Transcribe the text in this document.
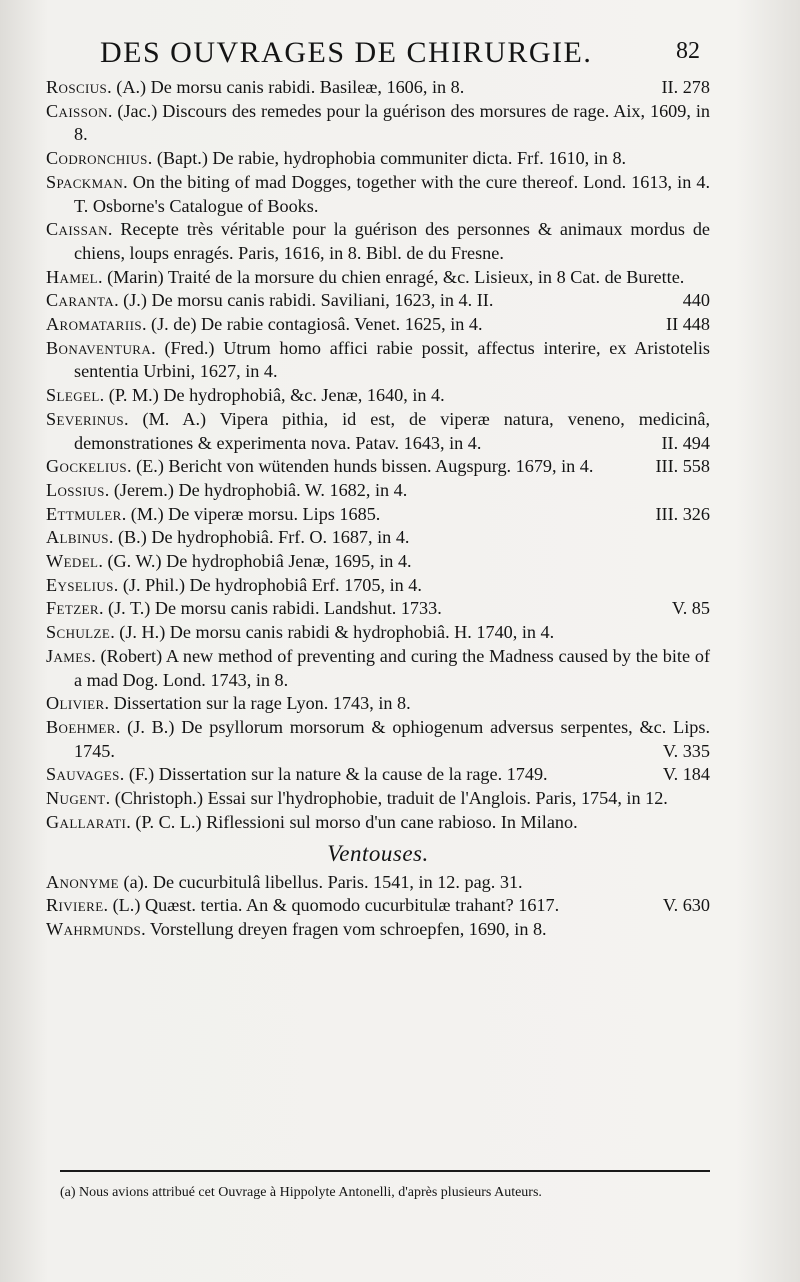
DES OUVRAGES DE CHIRURGIE.	82
Roscius. (A.) De morsu canis rabidi. Basileæ, 1606, in 8.	II. 278
Caisson. (Jac.) Discours des remedes pour la guérison des morsures de rage. Aix, 1609, in 8.
Codronchius. (Bapt.) De rabie, hydrophobia communiter dicta. Frf. 1610, in 8.
Spackman. On the biting of mad Dogges, together with the cure thereof. Lond. 1613, in 4. T. Osborne's Catalogue of Books.
Caissan. Recepte très véritable pour la guérison des personnes & animaux mordus de chiens, loups enragés. Paris, 1616, in 8. Bibl. de du Fresne.
Hamel. (Marin) Traité de la morsure du chien enragé, &c. Lisieux, in 8 Cat. de Burette.
Caranta. (J.) De morsu canis rabidi. Saviliani, 1623, in 4. II.	440
Aromatariis. (J. de) De rabie contagiosâ. Venet. 1625, in 4.	II 448
Bonaventura. (Fred.) Utrum homo affici rabie possit, affectus interire, ex Aristotelis sententia Urbini, 1627, in 4.
Slegel. (P. M.) De hydrophobiâ, &c. Jenæ, 1640, in 4.
Severinus. (M. A.) Vipera pithia, id est, de viperæ natura, veneno, medicinâ, demonstrationes & experimenta nova. Patav. 1643, in 4.	II. 494
Gockelius. (E.) Bericht von wütenden hunds bissen. Augspurg. 1679, in 4.	III. 558
Lossius. (Jerem.) De hydrophobiâ. W. 1682, in 4.
Ettmuler. (M.) De viperæ morsu. Lips 1685.	III. 326
Albinus. (B.) De hydrophobiâ. Frf. O. 1687, in 4.
Wedel. (G. W.) De hydrophobiâ Jenæ, 1695, in 4.
Eyselius. (J. Phil.) De hydrophobiâ Erf. 1705, in 4.
Fetzer. (J. T.) De morsu canis rabidi. Landshut. 1733.	V. 85
Schulze. (J. H.) De morsu canis rabidi & hydrophobiâ. H. 1740, in 4.
James. (Robert) A new method of preventing and curing the Madness caused by the bite of a mad Dog. Lond. 1743, in 8.
Olivier. Dissertation sur la rage Lyon. 1743, in 8.
Boehmer. (J. B.) De psyllorum morsorum & ophiogenum adversus serpentes, &c. Lips. 1745.	V. 335
Sauvages. (F.) Dissertation sur la nature & la cause de la rage. 1749.	V. 184
Nugent. (Christoph.) Essai sur l'hydrophobie, traduit de l'Anglois. Paris, 1754, in 12.
Gallarati. (P. C. L.) Riflessioni sul morso d'un cane rabioso. In Milano.
Ventouses.
Anonyme (a). De cucurbitulâ libellus. Paris. 1541, in 12. pag. 31.
Riviere. (L.) Quæst. tertia. An & quomodo cucurbitulæ trahant? 1617.	V. 630
Wahrmunds. Vorstellung dreyen fragen vom schroepfen, 1690, in 8.
(a) Nous avions attribué cet Ouvrage à Hippolyte Antonelli, d'après plusieurs Auteurs.
